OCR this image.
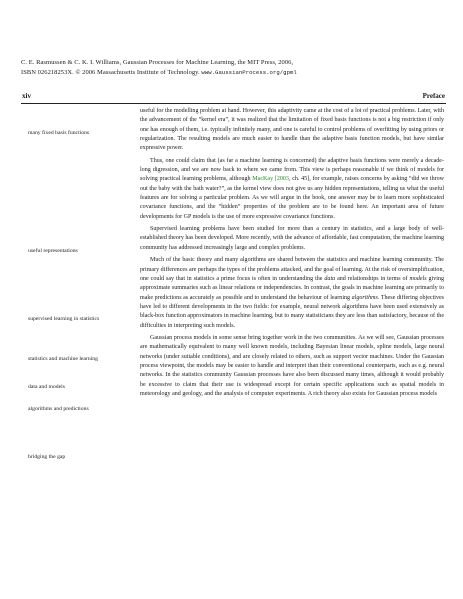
C. E. Rasmussen & C. K. I. Williams, Gaussian Processes for Machine Learning, the MIT Press, 2006,
ISBN 026218253X. © 2006 Massachusetts Institute of Technology. www.GaussianProcess.org/gpml
xiv	Preface
many fixed basis functions
useful representations
supervised learning in statistics
statistics and machine learning
data and models
algorithms and predictions
bridging the gap

useful for the modelling problem at hand. However, this adaptivity came at the cost of a lot of practical problems. Later, with the advancement of the “kernel era”, it was realized that the limitation of fixed basis functions is not a big restriction if only one has enough of them, i.e. typically infinitely many, and one is careful to control problems of overfitting by using priors or regularization. The resulting models are much easier to handle than the adaptive basis function models, but have similar expressive power.

Thus, one could claim that (as far a machine learning is concerned) the adaptive basis functions were merely a decade-long digression, and we are now back to where we came from. This view is perhaps reasonable if we think of models for solving practical learning problems, although MacKay [2003, ch. 45], for example, raises concerns by asking “did we throw out the baby with the bath water?”, as the kernel view does not give us any hidden representations, telling us what the useful features are for solving a particular problem. As we will argue in the book, one answer may be to learn more sophisticated covariance functions, and the “hidden” properties of the problem are to be found here. An important area of future developments for GP models is the use of more expressive covariance functions.

Supervised learning problems have been studied for more than a century in statistics, and a large body of well-established theory has been developed. More recently, with the advance of affordable, fast computation, the machine learning community has addressed increasingly large and complex problems.

Much of the basic theory and many algorithms are shared between the statistics and machine learning community. The primary differences are perhaps the types of the problems attacked, and the goal of learning. At the risk of oversimplification, one could say that in statistics a prime focus is often in understanding the data and relationships in terms of models giving approximate summaries such as linear relations or independencies. In contrast, the goals in machine learning are primarily to make predictions as accurately as possible and to understand the behaviour of learning algorithms. These differing objectives have led to different developments in the two fields: for example, neural network algorithms have been used extensively as black-box function approximators in machine learning, but to many statisticians they are less than satisfactory, because of the difficulties in interpreting such models.

Gaussian process models in some sense bring together work in the two communities. As we will see, Gaussian processes are mathematically equivalent to many well known models, including Bayesian linear models, spline models, large neural networks (under suitable conditions), and are closely related to others, such as support vector machines. Under the Gaussian process viewpoint, the models may be easier to handle and interpret than their conventional counterparts, such as e.g. neural networks. In the statistics community Gaussian processes have also been discussed many times, although it would probably be excessive to claim that their use is widespread except for certain specific applications such as spatial models in meteorology and geology, and the analysis of computer experiments. A rich theory also exists for Gaussian process models
